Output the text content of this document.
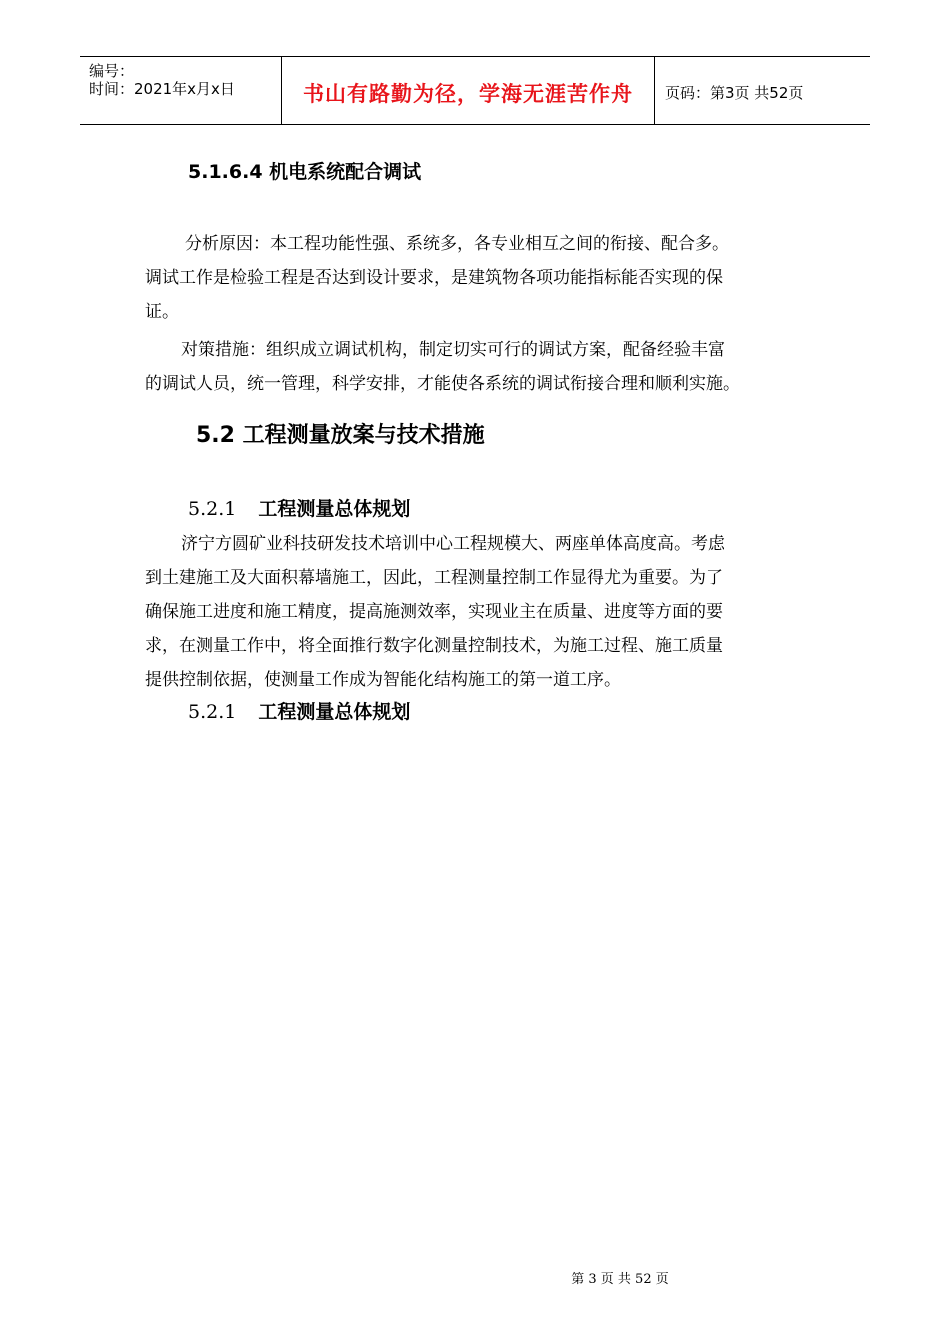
编号：
时间：2021年x月x日	书山有路勤为径，学海无涯苦作舟	页码：第3页 共52页
5.1.6.4 机电系统配合调试
分析原因：本工程功能性强、系统多，各专业相互之间的衔接、配合多。
调试工作是检验工程是否达到设计要求，是建筑物各项功能指标能否实现的保
证。
对策措施：组织成立调试机构，制定切实可行的调试方案，配备经验丰富
的调试人员，统一管理，科学安排，才能使各系统的调试衔接合理和顺利实施。
5.2 工程测量放案与技术措施
5.2.1 工程测量总体规划
济宁方圆矿业科技研发技术培训中心工程规模大、两座单体高度高。考虑
到土建施工及大面积幕墙施工，因此，工程测量控制工作显得尤为重要。为了
确保施工进度和施工精度，提高施测效率，实现业主在质量、进度等方面的要
求，在测量工作中，将全面推行数字化测量控制技术，为施工过程、施工质量
提供控制依据，使测量工作成为智能化结构施工的第一道工序。
5.2.1 工程测量总体规划
第 3 页 共 52 页
